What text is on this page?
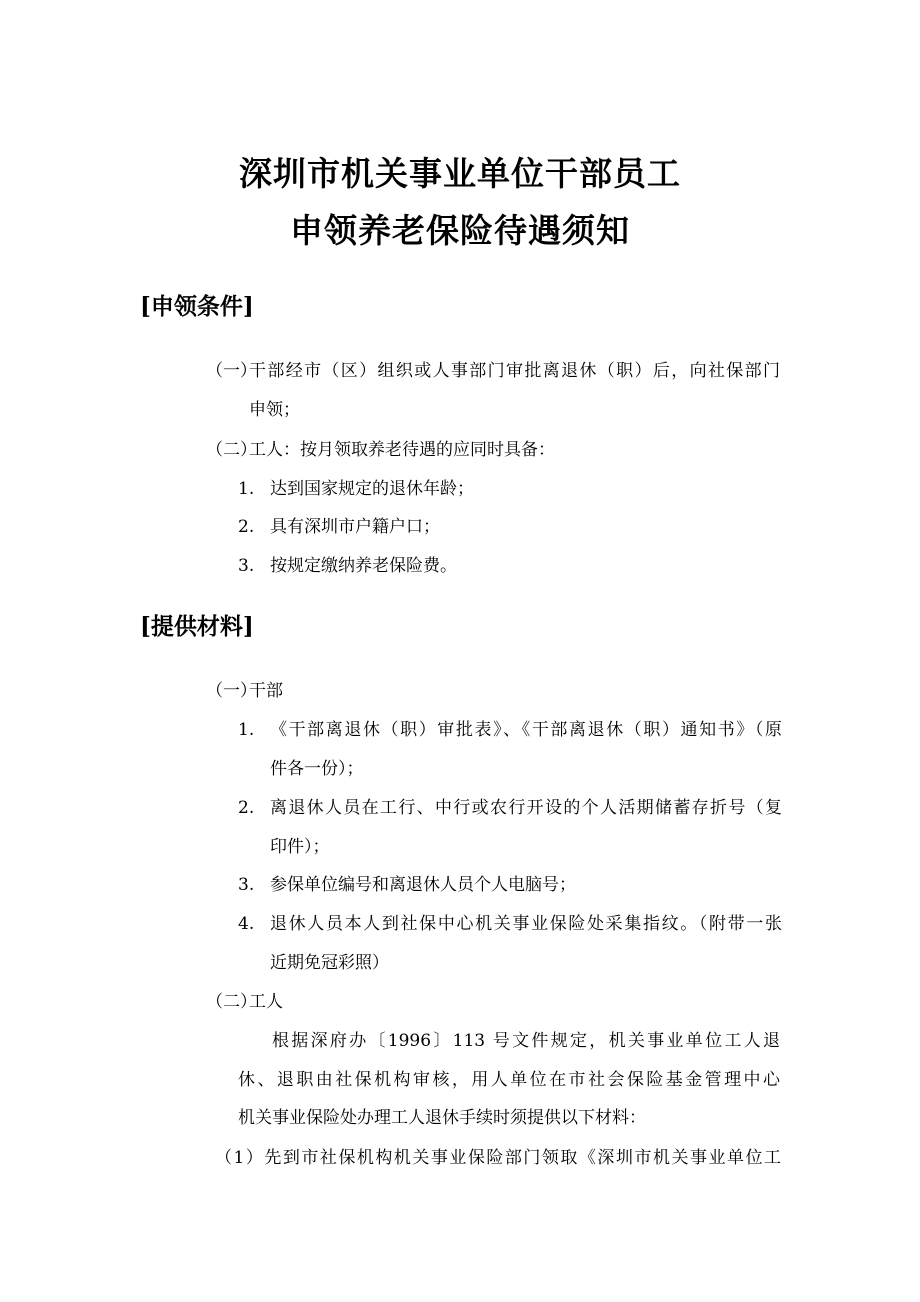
深圳市机关事业单位干部员工
申领养老保险待遇须知
[申领条件]
（一）
干部经市（区）组织或人事部门审批离退休（职）后，向社保部门
申领；
（二）
工人：按月领取养老待遇的应同时具备：
1. 达到国家规定的退休年龄；
2. 具有深圳市户籍户口；
3. 按规定缴纳养老保险费。
[提供材料]
（一）
干部
1. 《干部离退休（职）审批表》、《干部离退休（职）通知书》（原
件各一份）；
2. 离退休人员在工行、中行或农行开设的个人活期储蓄存折号（复
印件）；
3. 参保单位编号和离退休人员个人电脑号；
4. 退休人员本人到社保中心机关事业保险处采集指纹。（附带一张
近期免冠彩照）
（二）
工人
根据深府办〔1996〕113 号文件规定，机关事业单位工人退
休、退职由社保机构审核，用人单位在市社会保险基金管理中心
机关事业保险处办理工人退休手续时须提供以下材料：
（1）先到市社保机构机关事业保险部门领取《深圳市机关事业单位工
